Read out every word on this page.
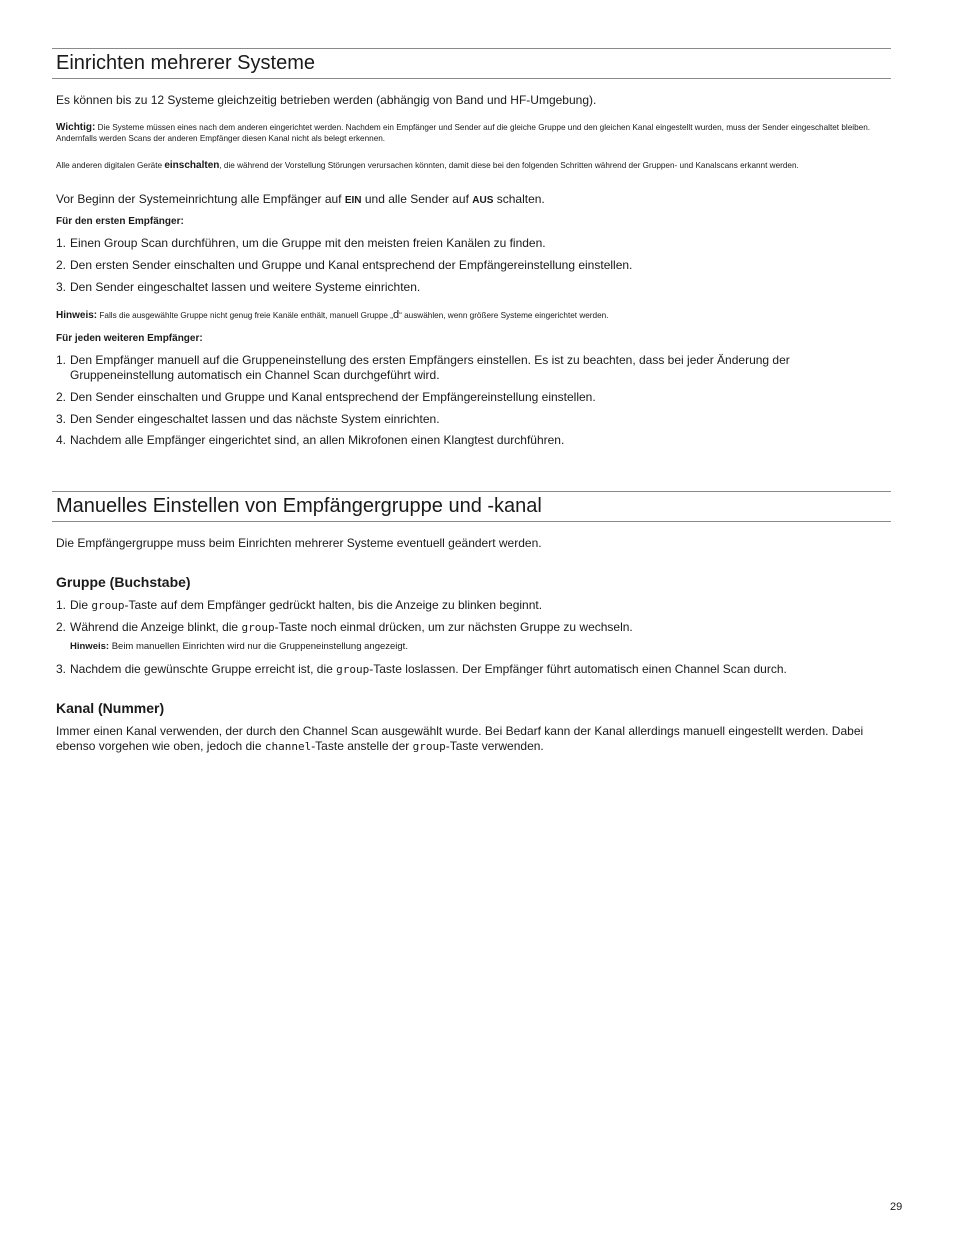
Einrichten mehrerer Systeme
Es können bis zu 12 Systeme gleichzeitig betrieben werden (abhängig von Band und HF-Umgebung).
Wichtig: Die Systeme müssen eines nach dem anderen eingerichtet werden. Nachdem ein Empfänger und Sender auf die gleiche Gruppe und den gleichen Kanal eingestellt wurden, muss der Sender eingeschaltet bleiben. Andernfalls werden Scans der anderen Empfänger diesen Kanal nicht als belegt erkennen.
Alle anderen digitalen Geräte einschalten, die während der Vorstellung Störungen verursachen könnten, damit diese bei den folgenden Schritten während der Gruppen- und Kanalscans erkannt werden.
Vor Beginn der Systemeinrichtung alle Empfänger auf EIN und alle Sender auf AUS schalten.
Für den ersten Empfänger:
1. Einen Group Scan durchführen, um die Gruppe mit den meisten freien Kanälen zu finden.
2. Den ersten Sender einschalten und Gruppe und Kanal entsprechend der Empfängereinstellung einstellen.
3. Den Sender eingeschaltet lassen und weitere Systeme einrichten.
Hinweis: Falls die ausgewählte Gruppe nicht genug freie Kanäle enthält, manuell Gruppe „d“ auswählen, wenn größere Systeme eingerichtet werden.
Für jeden weiteren Empfänger:
1. Den Empfänger manuell auf die Gruppeneinstellung des ersten Empfängers einstellen. Es ist zu beachten, dass bei jeder Änderung der Gruppeneinstellung automatisch ein Channel Scan durchgeführt wird.
2. Den Sender einschalten und Gruppe und Kanal entsprechend der Empfängereinstellung einstellen.
3. Den Sender eingeschaltet lassen und das nächste System einrichten.
4. Nachdem alle Empfänger eingerichtet sind, an allen Mikrofonen einen Klangtest durchführen.
Manuelles Einstellen von Empfängergruppe und -kanal
Die Empfängergruppe muss beim Einrichten mehrerer Systeme eventuell geändert werden.
Gruppe (Buchstabe)
1. Die group-Taste auf dem Empfänger gedrückt halten, bis die Anzeige zu blinken beginnt.
2. Während die Anzeige blinkt, die group-Taste noch einmal drücken, um zur nächsten Gruppe zu wechseln.
Hinweis: Beim manuellen Einrichten wird nur die Gruppeneinstellung angezeigt.
3. Nachdem die gewünschte Gruppe erreicht ist, die group-Taste loslassen. Der Empfänger führt automatisch einen Channel Scan durch.
Kanal (Nummer)
Immer einen Kanal verwenden, der durch den Channel Scan ausgewählt wurde. Bei Bedarf kann der Kanal allerdings manuell eingestellt werden. Dabei
ebenso vorgehen wie oben, jedoch die channel-Taste anstelle der group-Taste verwenden.
29
